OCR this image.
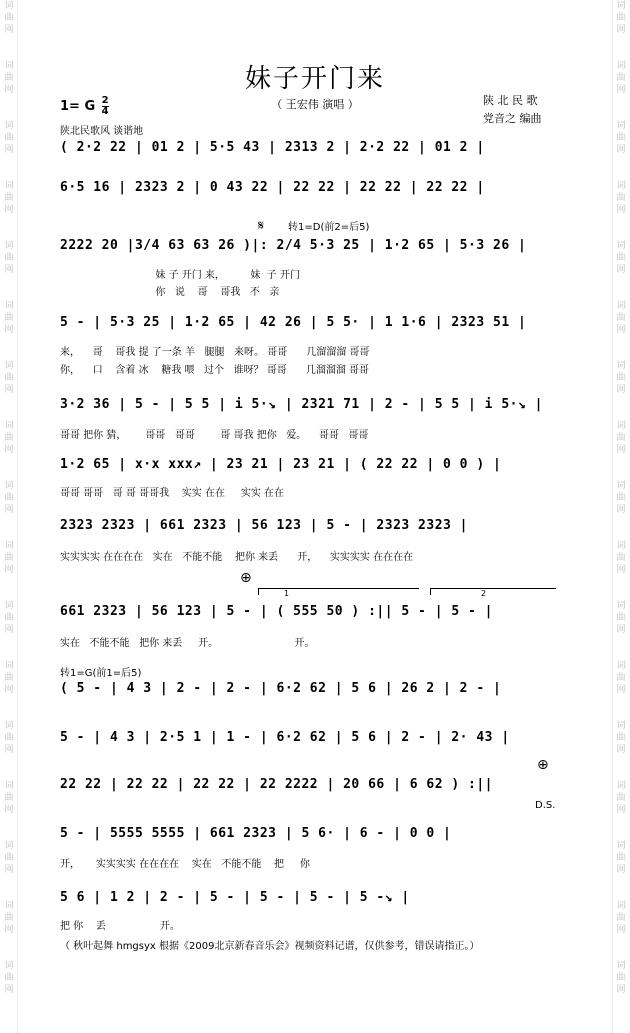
词曲网
词曲网
词曲网
词曲网
词曲网
词曲网
词曲网
词曲网
词曲网
词曲网
词曲网
词曲网
词曲网
词曲网
词曲网
词曲网
词曲网
词曲网
词曲网
词曲网
词曲网
词曲网
词曲网
词曲网
词曲网
词曲网
词曲网
词曲网
词曲网
词曲网
词曲网
词曲网
词曲网
词曲网
妹子开门来
（ 王宏伟 演唱 ）
1= G $\frac{2}{4}$
陕北民歌风 谈谐地
陕 北 民 歌
党音之 编曲
( 2·2 22 | 01 2 | 5·5 43 | 2313 2 | 2·2 22 | 01 2 |
6·5 16 | 2323 2 | 0 43 22 | 22 22 | 22 22 | 22 22 |
𝄋 转1=D(前2=后5)
2222 20 |3/4 63 63 26 )|: 2/4 5·3 25 | 1·2 65 | 5·3 26 |
妹 子 开门 来，        妹  子 开门
你   说    哥    哥我   不   亲
5 - | 5·3 25 | 1·2 65 | 42 26 | 5 5· | 1 1·6 | 2323 51 |
来，    哥    哥我 提 了一条 羊   腿腿   来呀。 哥哥      几溜溜溜 哥哥
你，    口    含着 冰    糖我 喂   过个   谁呀？ 哥哥      几溜溜溜 哥哥
3·2 36 | 5 - | 5 5 | i 5·↘ | 2321 71 | 2 - | 5 5 | i 5·↘ |
哥哥 把你 猜，      哥哥   哥哥        哥 哥我 把你   爱。    哥哥   哥哥
1·2 65 | x·x xxx↗ | 23 21 | 23 21 | ( 22 22 | 0 0 ) |
哥哥 哥哥   哥 哥 哥哥我    实实 在在     实实 在在
2323 2323 | 661 2323 | 56 123 | 5 - | 2323 2323 |
实实实实 在在在在   实在   不能不能    把你 来丢      开，    实实实实 在在在在
⊕
1	2
661 2323 | 56 123 | 5 - | ( 555 50 ) :|| 5 - | 5 - |
实在   不能不能   把你 来丢     开。                        开。
转1=G(前1=后5)
( 5 - | 4 3 | 2 - | 2 - | 6·2 62 | 5 6 | 26 2 | 2 - |
5 - | 4 3 | 2·5 1 | 1 - | 6·2 62 | 5 6 | 2 - | 2· 43 |
⊕
22 22 | 22 22 | 22 22 | 22 2222 | 20 66 | 6 62 ) :||
D.S.
5 - | 5555 5555 | 661 2323 | 5 6· | 6 - | 0 0 |
开，     实实实实 在在在在    实在   不能不能    把     你
5 6 | 1 2 | 2 - | 5 - | 5 - | 5 - | 5 -↘ |
把 你    丢                 开。
（ 秋叶起舞 hmgsyx 根据《2009北京新春音乐会》视频资料记谱，仅供参考，错误请指正。）
